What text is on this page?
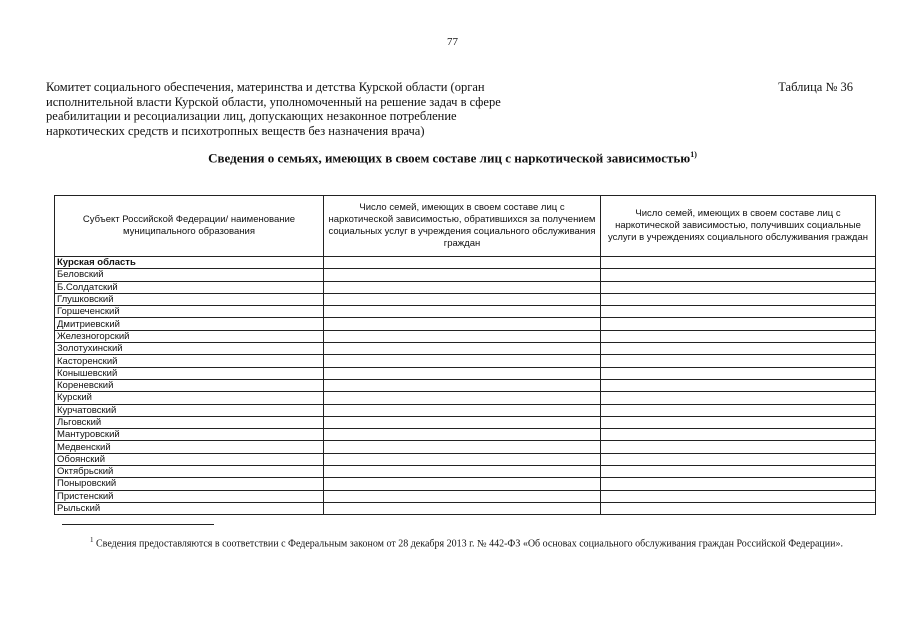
77
Комитет социального обеспечения, материнства и детства Курской области (орган исполнительной власти Курской области, уполномоченный на решение задач в сфере реабилитации и ресоциализации лиц, допускающих незаконное потребление наркотических средств и психотропных веществ без назначения врача)
Таблица № 36
Сведения о семьях, имеющих в своем составе лиц с наркотической зависимостью$^{1)}$
Субъект Российской Федерации/ наименование муниципального образования	Число семей, имеющих в своем составе лиц с наркотической зависимостью, обратившихся за получением социальных услуг в учреждения социального обслуживания граждан	Число семей, имеющих в своем составе лиц с наркотической зависимостью, получивших социальные услуги в учреждениях социального обслуживания граждан
Курская область		
Беловский		
Б.Солдатский		
Глушковский		
Горшеченский		
Дмитриевский		
Железногорский		
Золотухинский		
Касторенский		
Конышевский		
Кореневский		
Курский		
Курчатовский		
Льговский		
Мантуровский		
Медвенский		
Обоянский		
Октябрьский		
Поныровский		
Пристенский		
Рыльский		
$^1$ Сведения предоставляются в соответствии с Федеральным законом от 28 декабря 2013 г. № 442-ФЗ «Об основах социального обслуживания граждан Российской Федерации».
